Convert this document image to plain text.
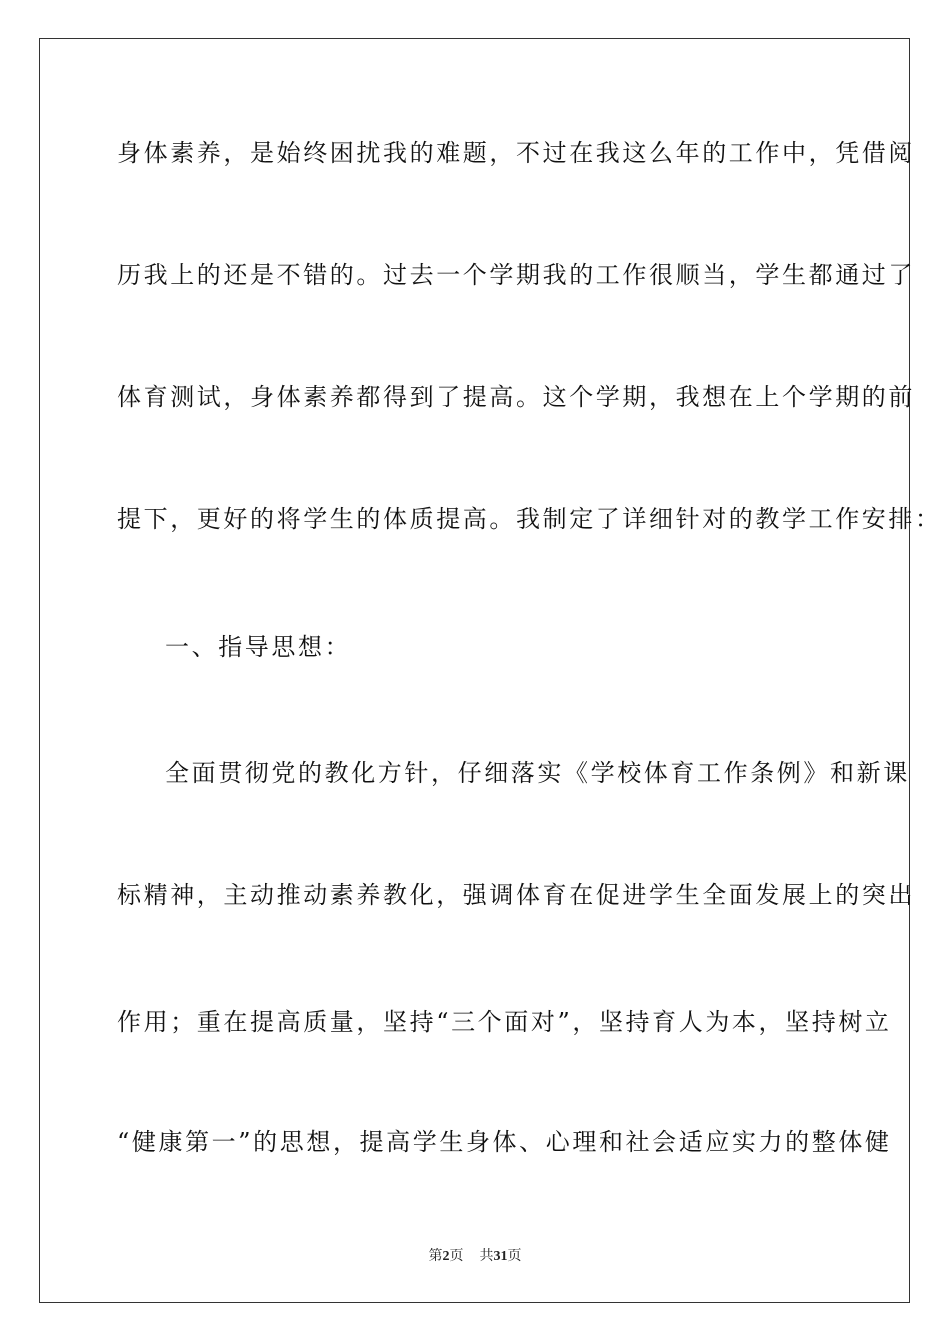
身体素养，是始终困扰我的难题，不过在我这么年的工作中，凭借阅
历我上的还是不错的。过去一个学期我的工作很顺当，学生都通过了
体育测试，身体素养都得到了提高。这个学期，我想在上个学期的前
提下，更好的将学生的体质提高。我制定了详细针对的教学工作安排：
一、指导思想：
全面贯彻党的教化方针，仔细落实《学校体育工作条例》和新课
标精神，主动推动素养教化，强调体育在促进学生全面发展上的突出
作用；重在提高质量，坚持“三个面对”，坚持育人为本，坚持树立
“健康第一”的思想，提高学生身体、心理和社会适应实力的整体健
第2页 共31页
